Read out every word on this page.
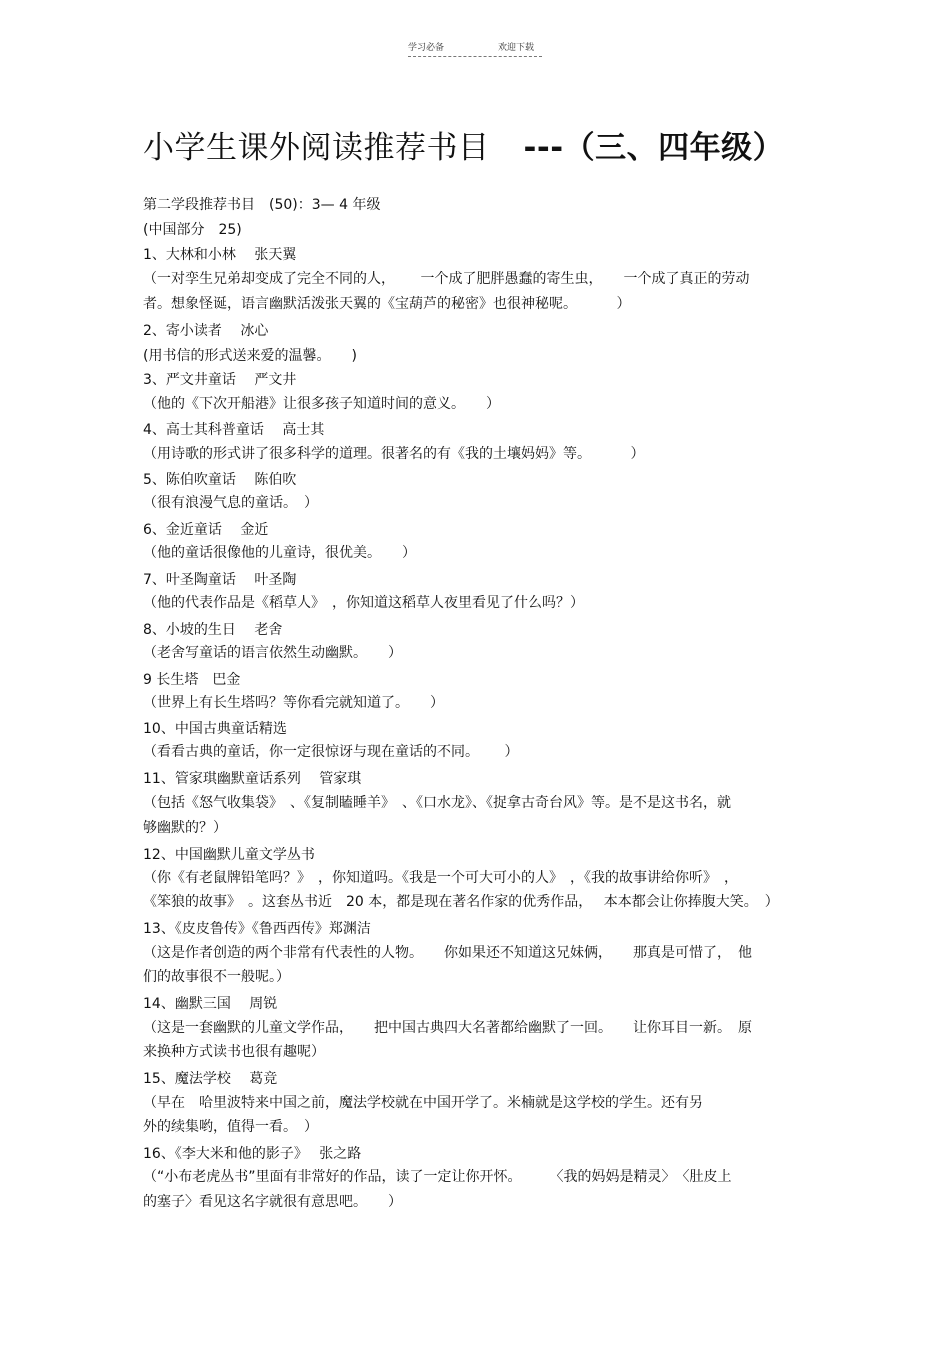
学习必备	欢迎下载
小学生课外阅读推荐书目 ---（三、四年级）
第二学段推荐书目　(50)：3— 4 年级
(中国部分　25)
1、大林和小林　 张天翼
（一对孪生兄弟却变成了完全不同的人，　　 一个成了肥胖愚蠢的寄生虫，　　一个成了真正的劳动
者。想象怪诞，语言幽默活泼张天翼的《宝葫芦的秘密》也很神秘呢。　　　 ）
2、寄小读者　 冰心
(用书信的形式送来爱的温馨。　　)
3、严文井童话　 严文井
（他的《下次开船港》让很多孩子知道时间的意义。　　）
4、高士其科普童话　 高士其
（用诗歌的形式讲了很多科学的道理。很著名的有《我的土壤妈妈》等。　　　 ）
5、陈伯吹童话　 陈伯吹
（很有浪漫气息的童话。　）
6、金近童话　 金近
（他的童话很像他的儿童诗，很优美。　　）
7、叶圣陶童话　 叶圣陶
（他的代表作品是《稻草人》　，你知道这稻草人夜里看见了什么吗？）
8、小坡的生日　 老舍
（老舍写童话的语言依然生动幽默。　　）
9 长生塔　巴金
（世界上有长生塔吗？等你看完就知道了。　　）
10、中国古典童话精选
（看看古典的童话，你一定很惊讶与现在童话的不同。　　 ）
11、管家琪幽默童话系列　 管家琪
（包括《怒气收集袋》　、《复制瞌睡羊》　、《口水龙》、《捉拿古奇台风》等。是不是这书名，就
够幽默的？）
12、中国幽默儿童文学丛书
（你《有老鼠牌铅笔吗？》　，你知道吗。《我是一个可大可小的人》　，《我的故事讲给你听》　，
《笨狼的故事》　。这套丛书近　20 本，都是现在著名作家的优秀作品，　 本本都会让你捧腹大笑。　）
13、《皮皮鲁传》《鲁西西传》郑渊洁
（这是作者创造的两个非常有代表性的人物。　　你如果还不知道这兄妹俩，　　那真是可惜了，　他
们的故事很不一般呢。）
14、幽默三国　 周锐
（这是一套幽默的儿童文学作品，　　把中国古典四大名著都给幽默了一回。　　让你耳目一新。　原
来换种方式读书也很有趣呢）
15、魔法学校　 葛竞
（早在　哈里波特来中国之前，魔法学校就在中国开学了。米楠就是这学校的学生。还有另
外的续集哟，值得一看。　）
16、《李大米和他的影子》　 张之路
（“小布老虎丛书”里面有非常好的作品，读了一定让你开怀。　　　〈我的妈妈是精灵〉　〈肚皮上
的塞子〉看见这名字就很有意思吧。　　）
